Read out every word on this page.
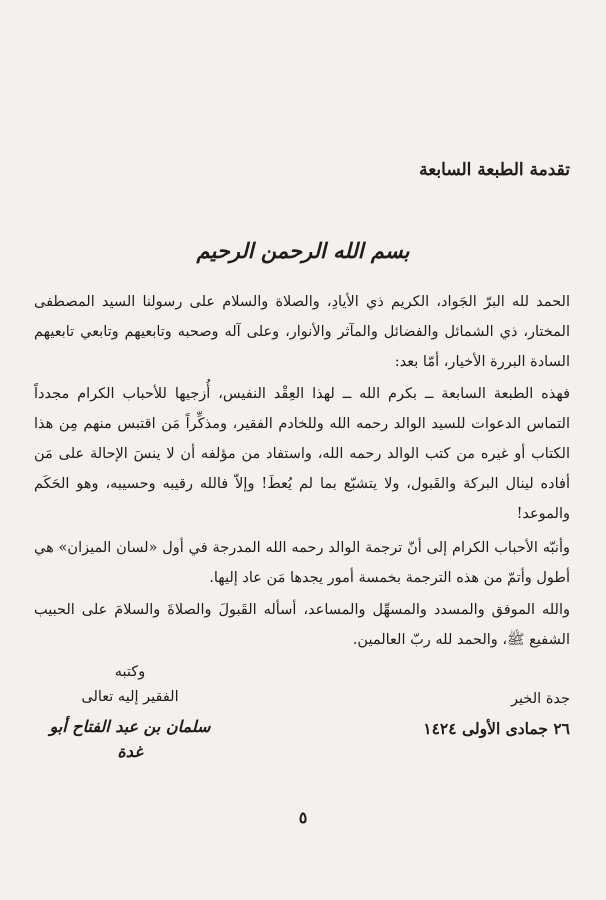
تقدمة الطبعة السابعة
بسم الله الرحمن الرحيم

الحمد لله البرّ الجَواد، الكريم ذي الأيادِ، والصلاة والسلام على رسولنا السيد المصطفى المختار، ذي الشمائل والفضائل والمآثر والأنوار، وعلى آله وصحبه وتابعيهم وتابعي تابعيهم السادة البررة الأخيار، أمّا بعد:

فهذه الطبعة السابعة ــ بكرم الله ــ لهذا العِقْد النفيس، أُزجيها للأحباب الكرام مجدداً التماس الدعوات للسيد الوالد رحمه الله وللخادم الفقير، ومذكِّراً مَن اقتبس منهم مِن هذا الكتاب أو غيره من كتب الوالد رحمه الله، واستفاد من مؤلفه أن لا ينسَ الإحالة على مَن أفاده لينال البركة والقَبول، ولا يتشبّع بما لم يُعطَ! وإلاّ فالله رقيبه وحسيبه، وهو الحَكَم والموعد!

وأنبّه الأحباب الكرام إلى أنّ ترجمة الوالد رحمه الله المدرجة في أول «لسان الميزان» هي أطول وأتمّ من هذه الترجمة بخمسة أمور يجدها مَن عاد إليها.

والله الموفق والمسدد والمسهِّل والمساعد، أسأله القَبولَ والصلاةَ والسلامَ على الحبيب الشفيع ﷺ، والحمد لله ربّ العالمين.

وكتبه
الفقير إليه تعالى
سلمان بن عبد الفتاح أبو غدة
جدة الخير
٢٦ جمادى الأولى ١٤٢٤
٥
